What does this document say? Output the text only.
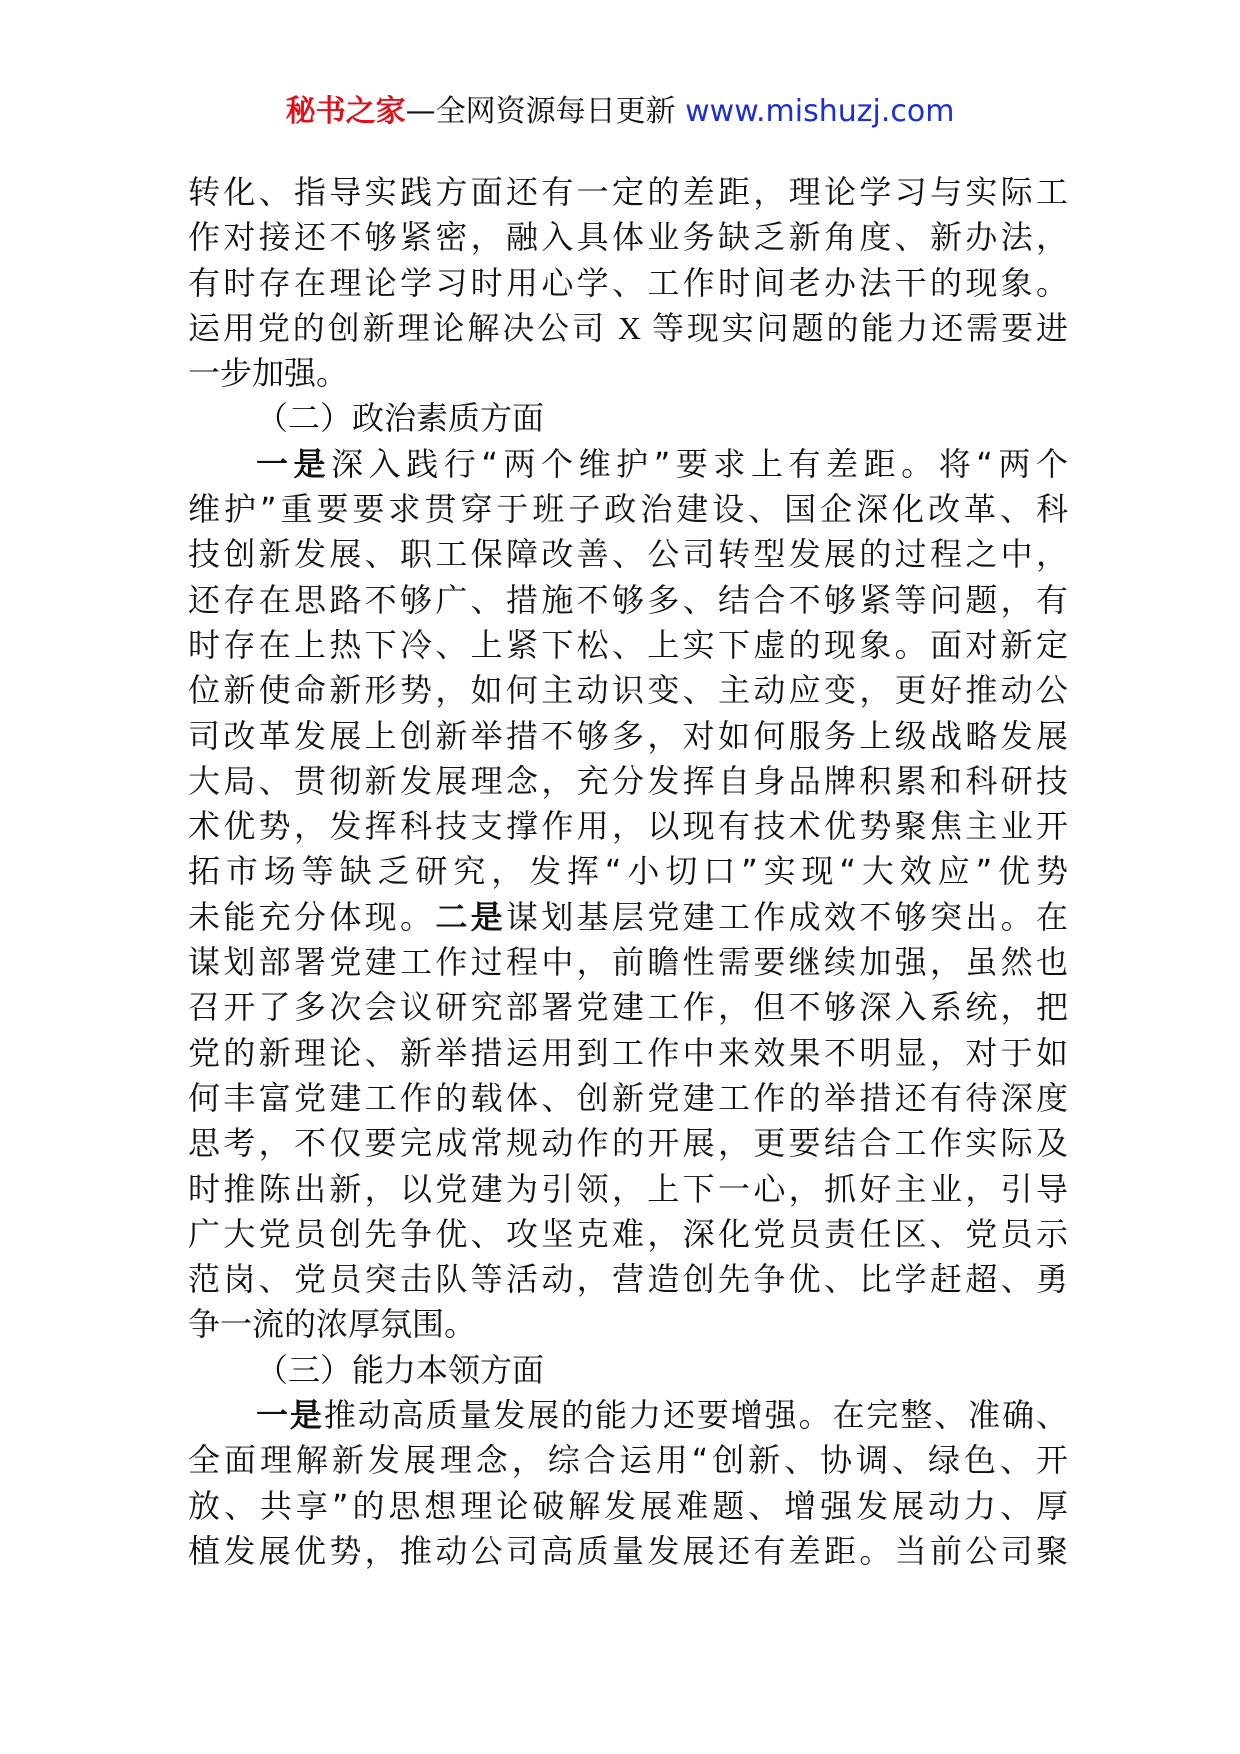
秘书之家—全网资源每日更新 www.mishuzj.com
转化、指导实践方面还有一定的差距，理论学习与实际工
作对接还不够紧密，融入具体业务缺乏新角度、新办法，
有时存在理论学习时用心学、工作时间老办法干的现象。
运用党的创新理论解决公司 X 等现实问题的能力还需要进
一步加强。
（二）政治素质方面
一是深入践行“两个维护”要求上有差距。将“两个
维护”重要要求贯穿于班子政治建设、国企深化改革、科
技创新发展、职工保障改善、公司转型发展的过程之中，
还存在思路不够广、措施不够多、结合不够紧等问题，有
时存在上热下冷、上紧下松、上实下虚的现象。面对新定
位新使命新形势，如何主动识变、主动应变，更好推动公
司改革发展上创新举措不够多，对如何服务上级战略发展
大局、贯彻新发展理念，充分发挥自身品牌积累和科研技
术优势，发挥科技支撑作用，以现有技术优势聚焦主业开
拓市场等缺乏研究，发挥“小切口”实现“大效应”优势
未能充分体现。二是谋划基层党建工作成效不够突出。在
谋划部署党建工作过程中，前瞻性需要继续加强，虽然也
召开了多次会议研究部署党建工作，但不够深入系统，把
党的新理论、新举措运用到工作中来效果不明显，对于如
何丰富党建工作的载体、创新党建工作的举措还有待深度
思考，不仅要完成常规动作的开展，更要结合工作实际及
时推陈出新，以党建为引领，上下一心，抓好主业，引导
广大党员创先争优、攻坚克难，深化党员责任区、党员示
范岗、党员突击队等活动，营造创先争优、比学赶超、勇
争一流的浓厚氛围。
（三）能力本领方面
一是推动高质量发展的能力还要增强。在完整、准确、
全面理解新发展理念，综合运用“创新、协调、绿色、开
放、共享”的思想理论破解发展难题、增强发展动力、厚
植发展优势，推动公司高质量发展还有差距。当前公司聚
